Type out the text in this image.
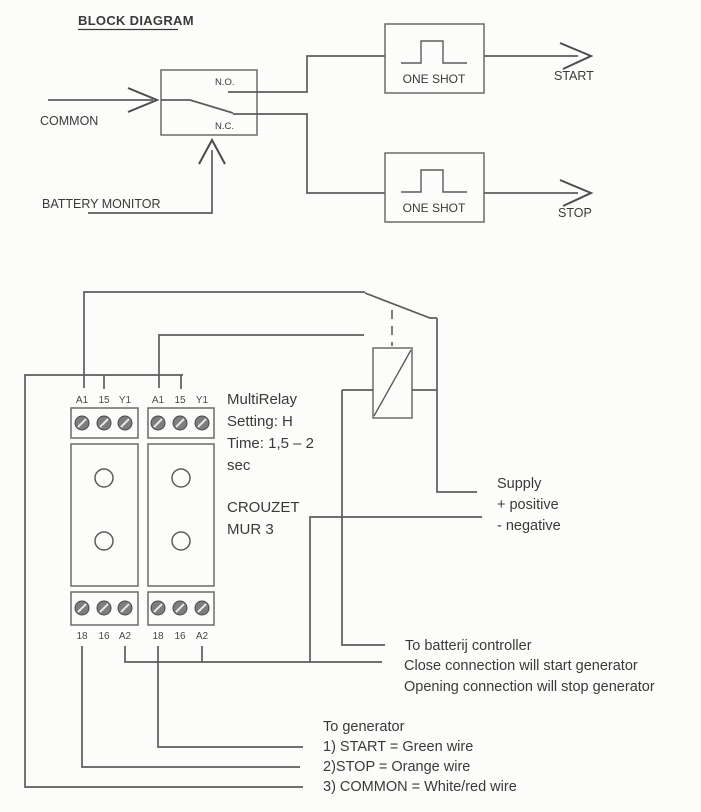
BLOCK DIAGRAM
N.O.
N.C.
COMMON
BATTERY MONITOR
ONE SHOT	START
ONE SHOT	STOP
A1 15 Y1
18 16 A2
A1 15 Y1
18 16 A2
MultiRelay
Setting: H
Time: 1,5 – 2
sec
CROUZET
MUR 3
Supply
+ positive
- negative
To batterij controller
Close connection will start generator
Opening connection will stop generator
To generator
1) START = Green wire
2)STOP = Orange wire
3) COMMON = White/red wire
